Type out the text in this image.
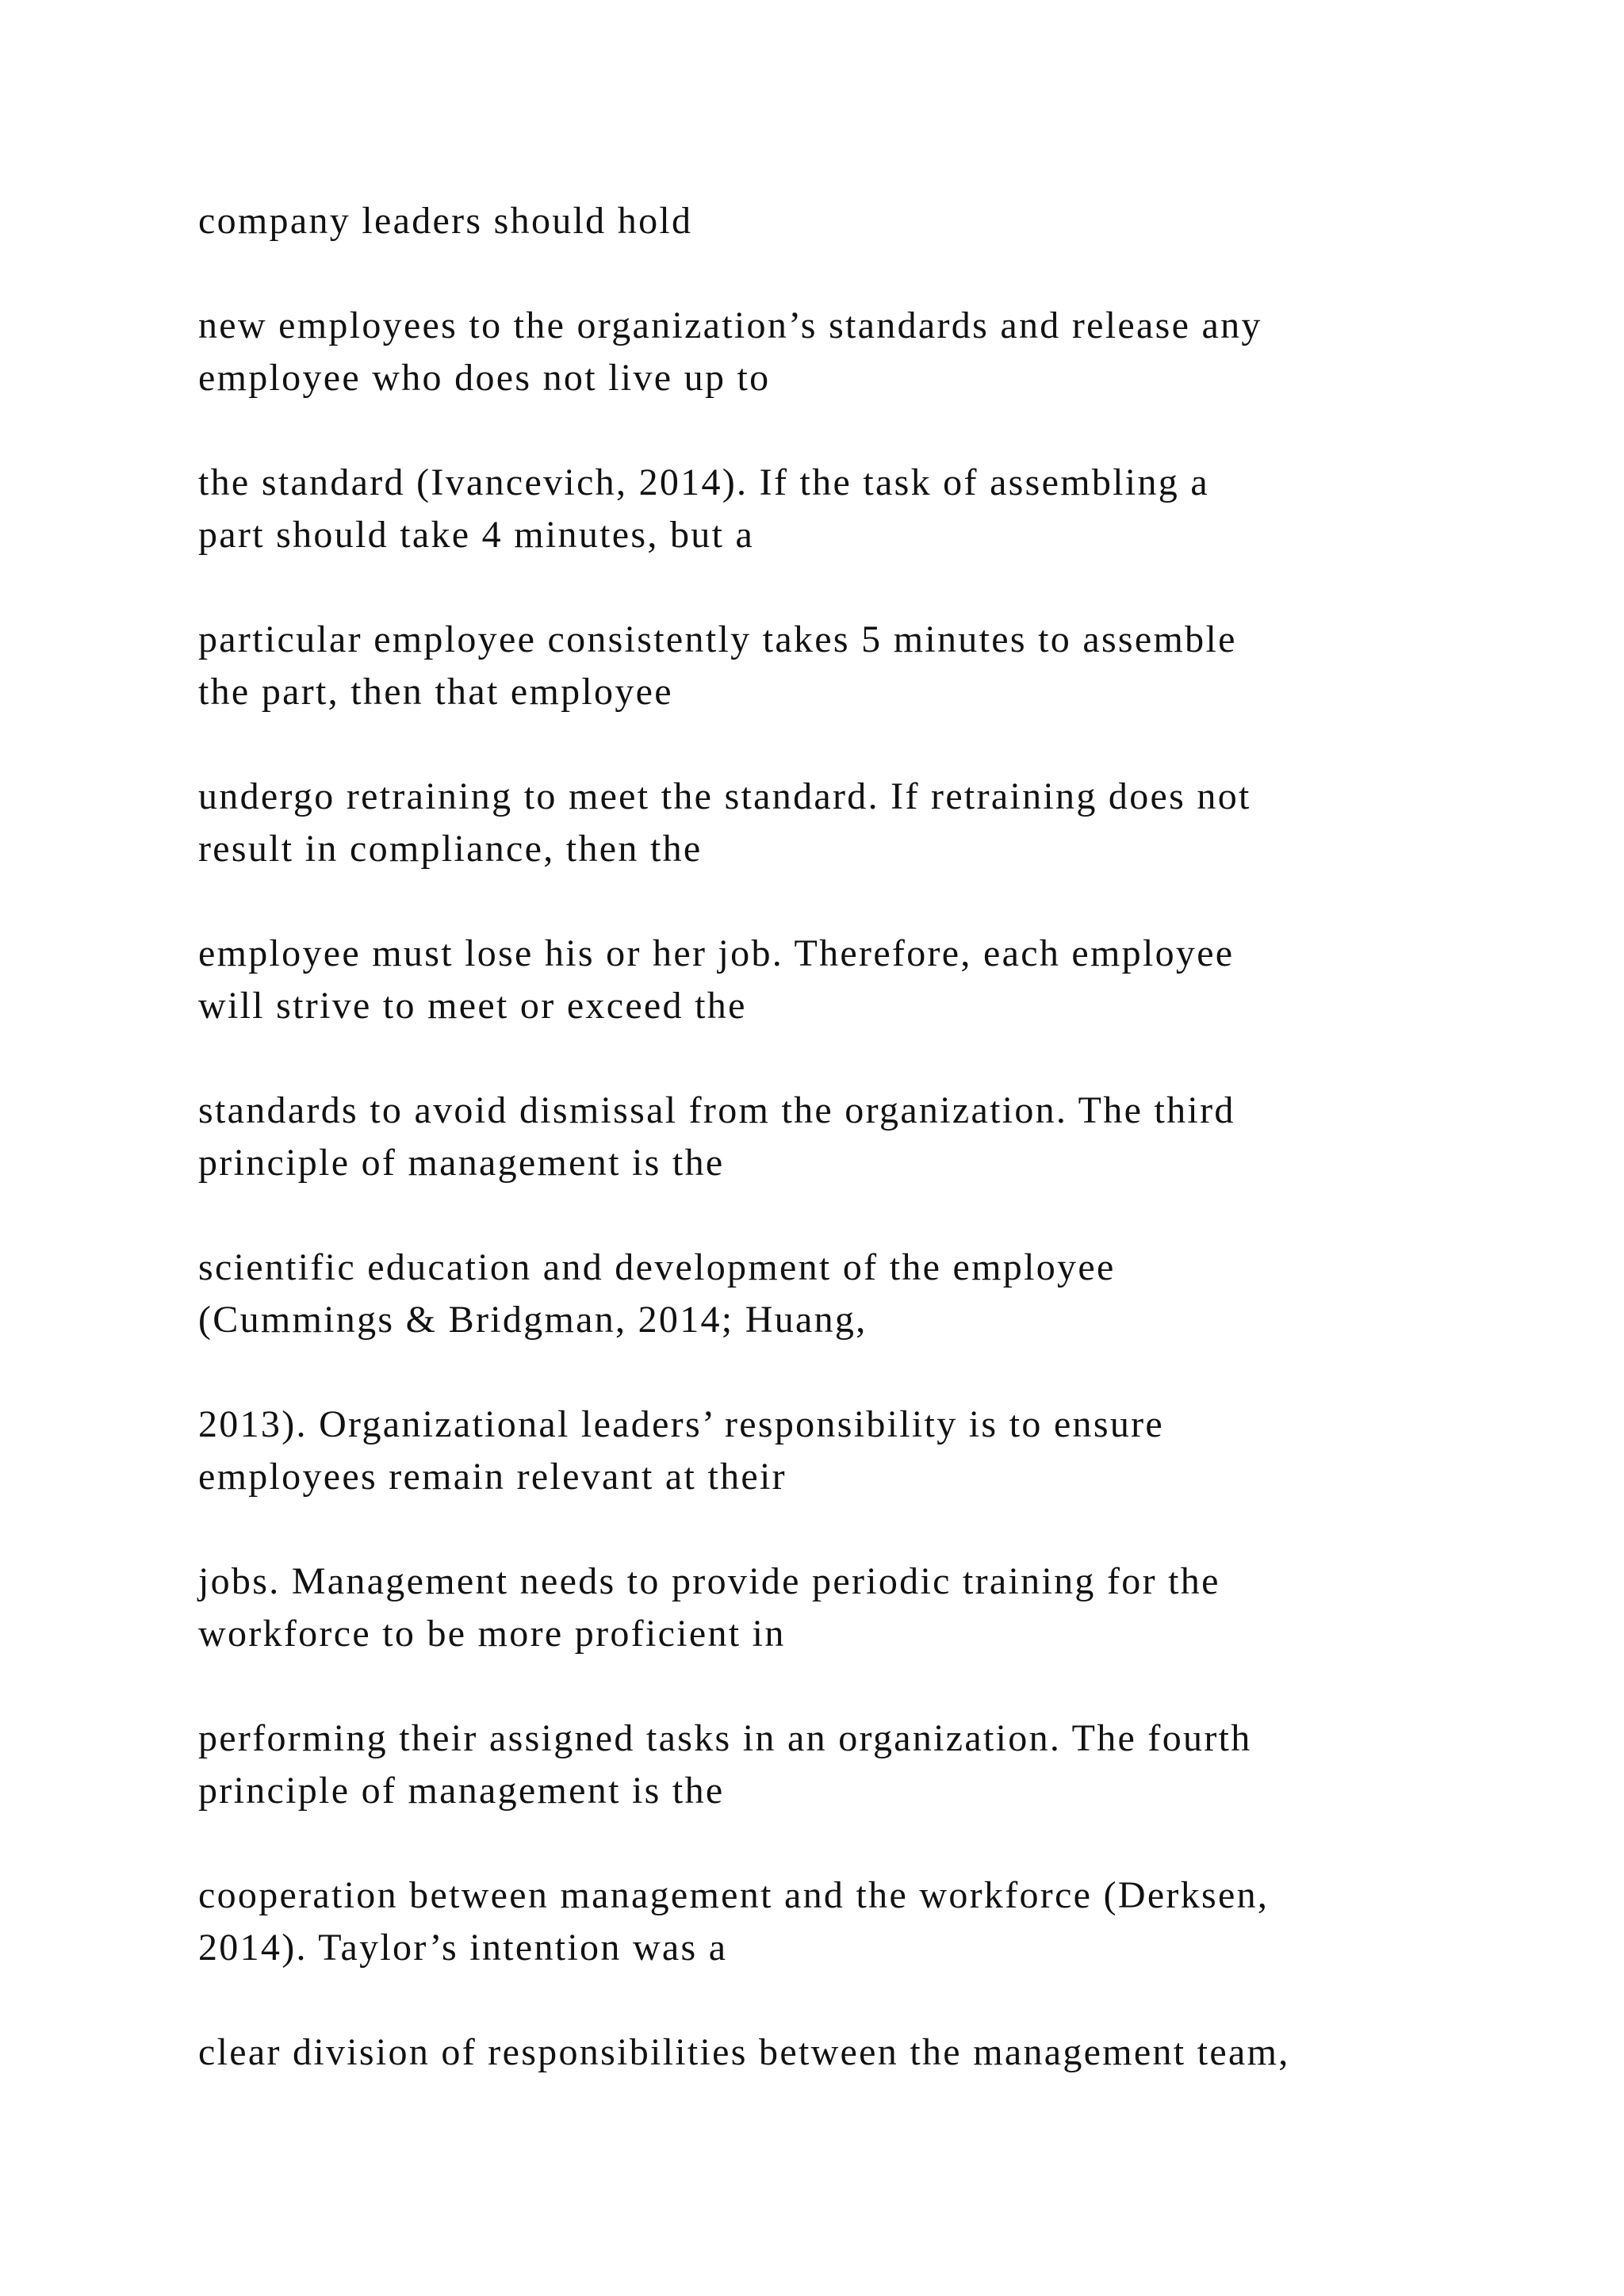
company leaders should hold

new employees to the organization’s standards and release any
employee who does not live up to

the standard (Ivancevich, 2014). If the task of assembling a
part should take 4 minutes, but a

particular employee consistently takes 5 minutes to assemble
the part, then that employee

undergo retraining to meet the standard. If retraining does not
result in compliance, then the

employee must lose his or her job. Therefore, each employee
will strive to meet or exceed the

standards to avoid dismissal from the organization. The third
principle of management is the

scientific education and development of the employee
(Cummings & Bridgman, 2014; Huang,

2013). Organizational leaders’ responsibility is to ensure
employees remain relevant at their

jobs. Management needs to provide periodic training for the
workforce to be more proficient in

performing their assigned tasks in an organization. The fourth
principle of management is the

cooperation between management and the workforce (Derksen,
2014). Taylor’s intention was a

clear division of responsibilities between the management team,
